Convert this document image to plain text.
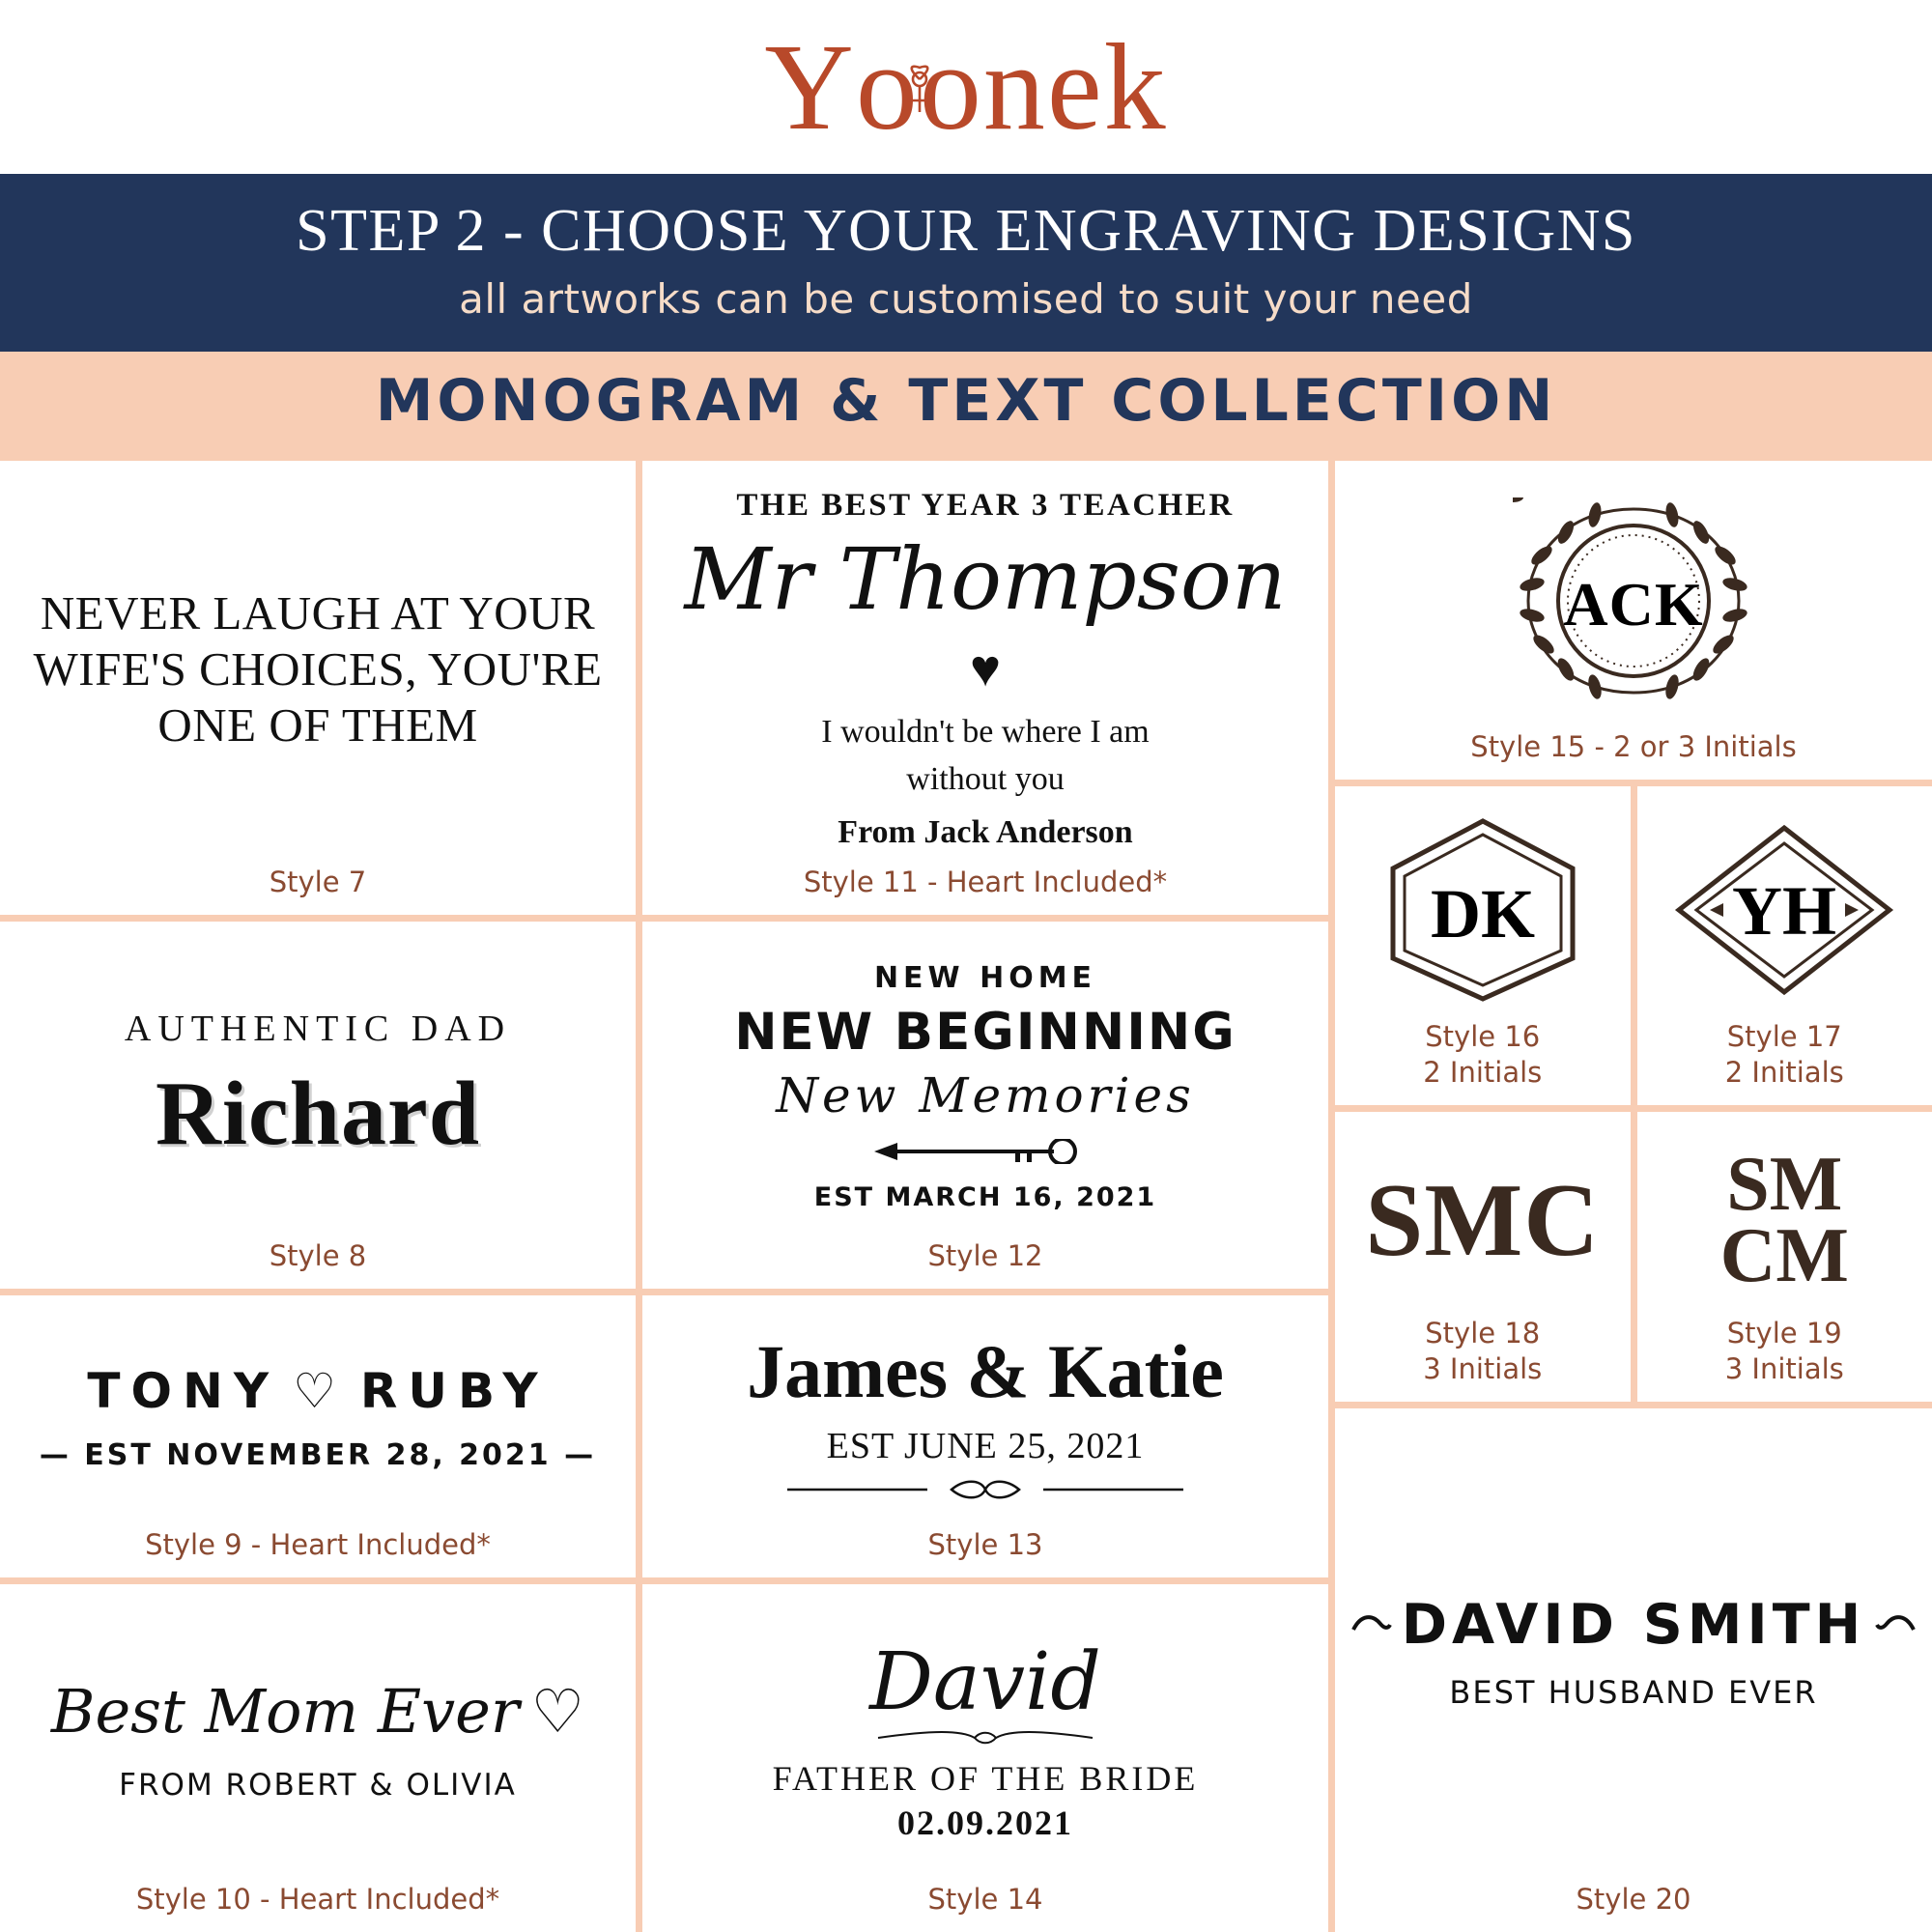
Y oo nek
STEP 2 - CHOOSE YOUR ENGRAVING DESIGNS
all artworks can be customised to suit your need
MONOGRAM & TEXT COLLECTION
NEVER LAUGH AT YOUR WIFE'S CHOICES, YOU'RE ONE OF THEM
Style 7
AUTHENTIC DAD
Richard
Style 8
TONY ♡ RUBY
— EST NOVEMBER 28, 2021 —
Style 9 - Heart Included*
Best Mom Ever ♡
FROM ROBERT & OLIVIA
Style 10 - Heart Included*
THE BEST YEAR 3 TEACHER
Mr Thompson
♥
I wouldn't be where I am
without you
From Jack Anderson
Style 11 - Heart Included*
NEW HOME
NEW BEGINNING
New Memories
EST MARCH 16, 2021
Style 12
James & Katie
EST JUNE 25, 2021
Style 13
David
FATHER OF THE BRIDE
02.09.2021
Style 14
ACK
Style 15 - 2 or 3 Initials
DK
Style 16
2 Initials
YH
Style 17
2 Initials
SMC
Style 18
3 Initials
SM
CM
Style 19
3 Initials
DAVID SMITH
BEST HUSBAND EVER
Style 20
